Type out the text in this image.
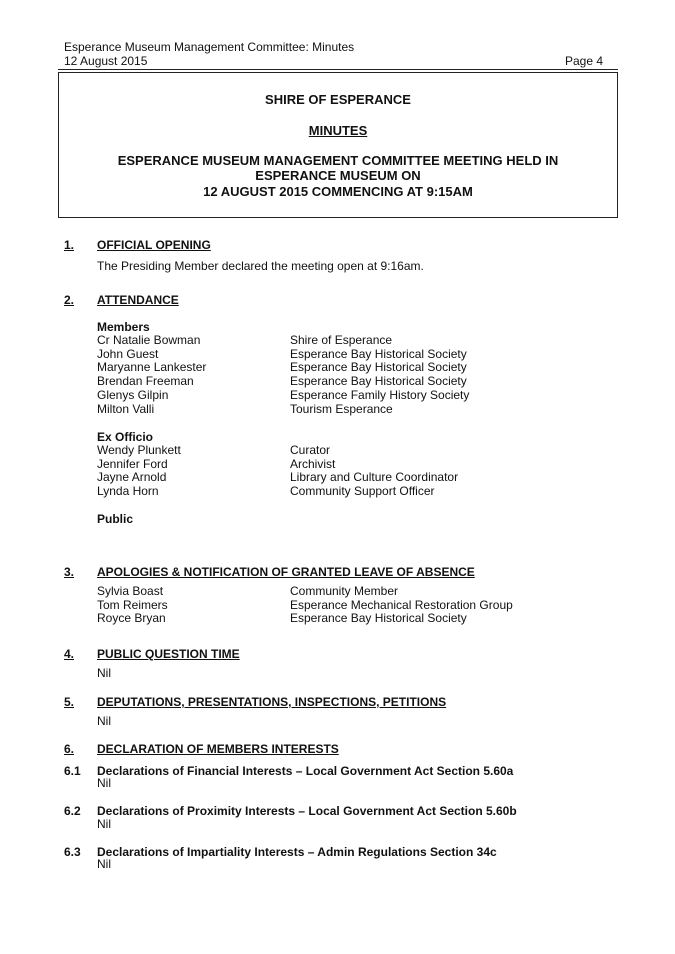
Esperance Museum Management Committee: Minutes
12 August 2015	Page 4
SHIRE OF ESPERANCE
MINUTES
ESPERANCE MUSEUM MANAGEMENT COMMITTEE MEETING HELD IN
ESPERANCE MUSEUM ON
12 AUGUST 2015 COMMENCING AT 9:15AM
1. OFFICIAL OPENING
The Presiding Member declared the meeting open at 9:16am.
2. ATTENDANCE
Members
Cr Natalie Bowman
John Guest
Maryanne Lankester
Brendan Freeman
Glenys Gilpin
Milton Valli
Shire of Esperance
Esperance Bay Historical Society
Esperance Bay Historical Society
Esperance Bay Historical Society
Esperance Family History Society
Tourism Esperance
Ex Officio
Wendy Plunkett
Jennifer Ford
Jayne Arnold
Lynda Horn
Curator
Archivist
Library and Culture Coordinator
Community Support Officer
Public
3. APOLOGIES & NOTIFICATION OF GRANTED LEAVE OF ABSENCE
Sylvia Boast
Tom Reimers
Royce Bryan
Community Member
Esperance Mechanical Restoration Group
Esperance Bay Historical Society
4. PUBLIC QUESTION TIME
Nil
5. DEPUTATIONS, PRESENTATIONS, INSPECTIONS, PETITIONS
Nil
6. DECLARATION OF MEMBERS INTERESTS
6.1 Declarations of Financial Interests – Local Government Act Section 5.60a
Nil
6.2 Declarations of Proximity Interests – Local Government Act Section 5.60b
Nil
6.3 Declarations of Impartiality Interests – Admin Regulations Section 34c
Nil
